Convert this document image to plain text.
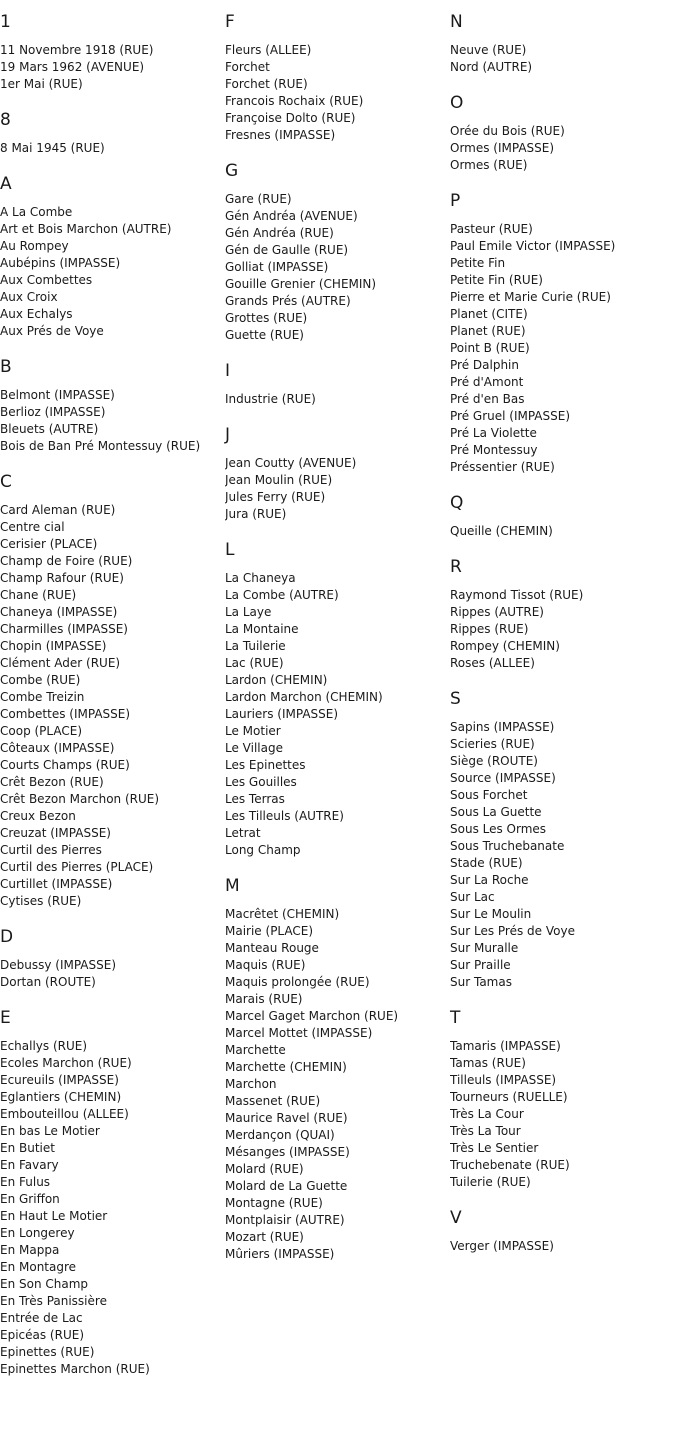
1
11 Novembre 1918 (RUE)
19 Mars 1962 (AVENUE)
1er Mai (RUE)
8
8 Mai 1945 (RUE)
A
A La Combe
Art et Bois Marchon (AUTRE)
Au Rompey
Aubépins (IMPASSE)
Aux Combettes
Aux Croix
Aux Echalys
Aux Prés de Voye
B
Belmont (IMPASSE)
Berlioz (IMPASSE)
Bleuets (AUTRE)
Bois de Ban Pré Montessuy (RUE)
C
Card Aleman (RUE)
Centre cial
Cerisier (PLACE)
Champ de Foire (RUE)
Champ Rafour (RUE)
Chane (RUE)
Chaneya (IMPASSE)
Charmilles (IMPASSE)
Chopin (IMPASSE)
Clément Ader (RUE)
Combe (RUE)
Combe Treizin
Combettes (IMPASSE)
Coop (PLACE)
Côteaux (IMPASSE)
Courts Champs (RUE)
Crêt Bezon (RUE)
Crêt Bezon Marchon (RUE)
Creux Bezon
Creuzat (IMPASSE)
Curtil des Pierres
Curtil des Pierres (PLACE)
Curtillet (IMPASSE)
Cytises (RUE)
D
Debussy (IMPASSE)
Dortan (ROUTE)
E
Echallys (RUE)
Ecoles Marchon (RUE)
Ecureuils (IMPASSE)
Eglantiers (CHEMIN)
Embouteillou (ALLEE)
En bas Le Motier
En Butiet
En Favary
En Fulus
En Griffon
En Haut Le Motier
En Longerey
En Mappa
En Montagre
En Son Champ
En Très Panissière
Entrée de Lac
Epicéas (RUE)
Epinettes (RUE)
Epinettes Marchon (RUE)
F
Fleurs (ALLEE)
Forchet
Forchet (RUE)
Francois Rochaix (RUE)
Françoise Dolto (RUE)
Fresnes (IMPASSE)
G
Gare (RUE)
Gén Andréa (AVENUE)
Gén Andréa (RUE)
Gén de Gaulle (RUE)
Golliat (IMPASSE)
Gouille Grenier (CHEMIN)
Grands Prés (AUTRE)
Grottes (RUE)
Guette (RUE)
I
Industrie (RUE)
J
Jean Coutty (AVENUE)
Jean Moulin (RUE)
Jules Ferry (RUE)
Jura (RUE)
L
La Chaneya
La Combe (AUTRE)
La Laye
La Montaine
La Tuilerie
Lac (RUE)
Lardon (CHEMIN)
Lardon Marchon (CHEMIN)
Lauriers (IMPASSE)
Le Motier
Le Village
Les Epinettes
Les Gouilles
Les Terras
Les Tilleuls (AUTRE)
Letrat
Long Champ
M
Macrêtet (CHEMIN)
Mairie (PLACE)
Manteau Rouge
Maquis (RUE)
Maquis prolongée (RUE)
Marais (RUE)
Marcel Gaget Marchon (RUE)
Marcel Mottet (IMPASSE)
Marchette
Marchette (CHEMIN)
Marchon
Massenet (RUE)
Maurice Ravel (RUE)
Merdançon (QUAI)
Mésanges (IMPASSE)
Molard (RUE)
Molard de La Guette
Montagne (RUE)
Montplaisir (AUTRE)
Mozart (RUE)
Mûriers (IMPASSE)
N
Neuve (RUE)
Nord (AUTRE)
O
Orée du Bois (RUE)
Ormes (IMPASSE)
Ormes (RUE)
P
Pasteur (RUE)
Paul Emile Victor (IMPASSE)
Petite Fin
Petite Fin (RUE)
Pierre et Marie Curie (RUE)
Planet (CITE)
Planet (RUE)
Point B (RUE)
Pré Dalphin
Pré d'Amont
Pré d'en Bas
Pré Gruel (IMPASSE)
Pré La Violette
Pré Montessuy
Préssentier (RUE)
Q
Queille (CHEMIN)
R
Raymond Tissot (RUE)
Rippes (AUTRE)
Rippes (RUE)
Rompey (CHEMIN)
Roses (ALLEE)
S
Sapins (IMPASSE)
Scieries (RUE)
Siège (ROUTE)
Source (IMPASSE)
Sous Forchet
Sous La Guette
Sous Les Ormes
Sous Truchebanate
Stade (RUE)
Sur La Roche
Sur Lac
Sur Le Moulin
Sur Les Prés de Voye
Sur Muralle
Sur Praille
Sur Tamas
T
Tamaris (IMPASSE)
Tamas (RUE)
Tilleuls (IMPASSE)
Tourneurs (RUELLE)
Très La Cour
Très La Tour
Très Le Sentier
Truchebenate (RUE)
Tuilerie (RUE)
V
Verger (IMPASSE)
